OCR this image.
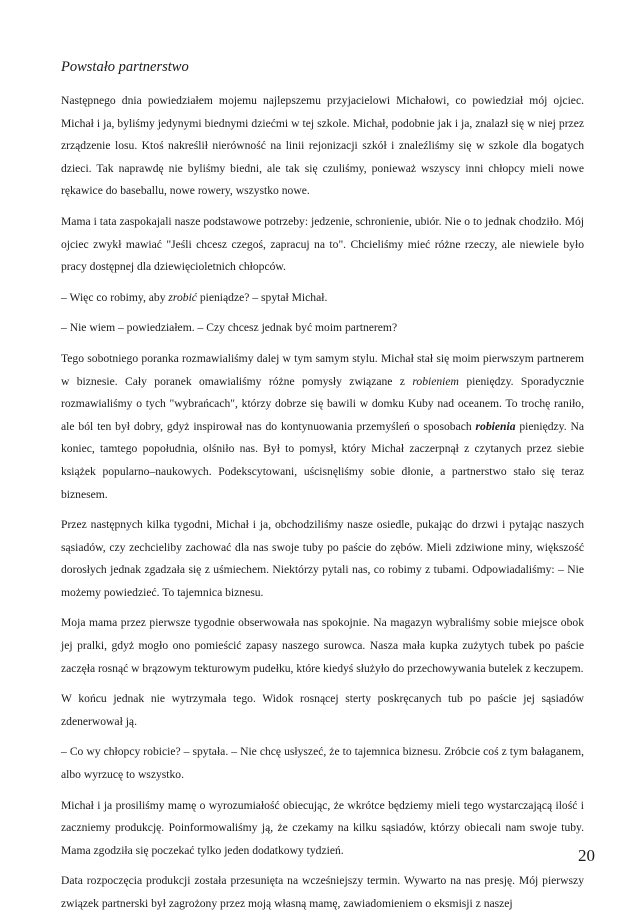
Powstało partnerstwo

Następnego dnia powiedziałem mojemu najlepszemu przyjacielowi Michałowi, co powiedział mój ojciec. Michał i ja, byliśmy jedynymi biednymi dziećmi w tej szkole. Michał, podobnie jak i ja, znalazł się w niej przez zrządzenie losu. Ktoś nakreślił nierówność na linii rejonizacji szkół i znaleźliśmy się w szkole dla bogatych dzieci. Tak naprawdę nie byliśmy biedni, ale tak się czuliśmy, ponieważ wszyscy inni chłopcy mieli nowe rękawice do baseballu, nowe rowery, wszystko nowe.

Mama i tata zaspokajali nasze podstawowe potrzeby: jedzenie, schronienie, ubiór. Nie o to jednak chodziło. Mój ojciec zwykł mawiać "Jeśli chcesz czegoś, zapracuj na to". Chcieliśmy mieć różne rzeczy, ale niewiele było pracy dostępnej dla dziewięcioletnich chłopców.

– Więc co robimy, aby zrobić pieniądze? – spytał Michał.

– Nie wiem – powiedziałem. – Czy chcesz jednak być moim partnerem?

Tego sobotniego poranka rozmawialiśmy dalej w tym samym stylu. Michał stał się moim pierwszym partnerem w biznesie. Cały poranek omawialiśmy różne pomysły związane z robieniem pieniędzy. Sporadycznie rozmawialiśmy o tych "wybrańcach", którzy dobrze się bawili w domku Kuby nad oceanem. To trochę raniło, ale ból ten był dobry, gdyż inspirował nas do kontynuowania przemyśleń o sposobach robienia pieniędzy. Na koniec, tamtego popołudnia, olśniło nas. Był to pomysł, który Michał zaczerpnął z czytanych przez siebie książek popularno–naukowych. Podekscytowani, uścisnęliśmy sobie dłonie, a partnerstwo stało się teraz biznesem.

Przez następnych kilka tygodni, Michał i ja, obchodziliśmy nasze osiedle, pukając do drzwi i pytając naszych sąsiadów, czy zechcieliby zachować dla nas swoje tuby po paście do zębów. Mieli zdziwione miny, większość dorosłych jednak zgadzała się z uśmiechem. Niektórzy pytali nas, co robimy z tubami. Odpowiadaliśmy: – Nie możemy powiedzieć. To tajemnica biznesu.

Moja mama przez pierwsze tygodnie obserwowała nas spokojnie. Na magazyn wybraliśmy sobie miejsce obok jej pralki, gdyż mogło ono pomieścić zapasy naszego surowca. Nasza mała kupka zużytych tubek po paście zaczęła rosnąć w brązowym tekturowym pudełku, które kiedyś służyło do przechowywania butelek z keczupem.

W końcu jednak nie wytrzymała tego. Widok rosnącej sterty poskręcanych tub po paście jej sąsiadów zdenerwował ją.

– Co wy chłopcy robicie? – spytała. – Nie chcę usłyszeć, że to tajemnica biznesu. Zróbcie coś z tym bałaganem, albo wyrzucę to wszystko.

Michał i ja prosiliśmy mamę o wyrozumiałość obiecując, że wkrótce będziemy mieli tego wystarczającą ilość i zaczniemy produkcję. Poinformowaliśmy ją, że czekamy na kilku sąsiadów, którzy obiecali nam swoje tuby. Mama zgodziła się poczekać tylko jeden dodatkowy tydzień.

Data rozpoczęcia produkcji została przesunięta na wcześniejszy termin. Wywarto na nas presję. Mój pierwszy związek partnerski był zagrożony przez moją własną mamę, zawiadomieniem o eksmisji z naszej

20
